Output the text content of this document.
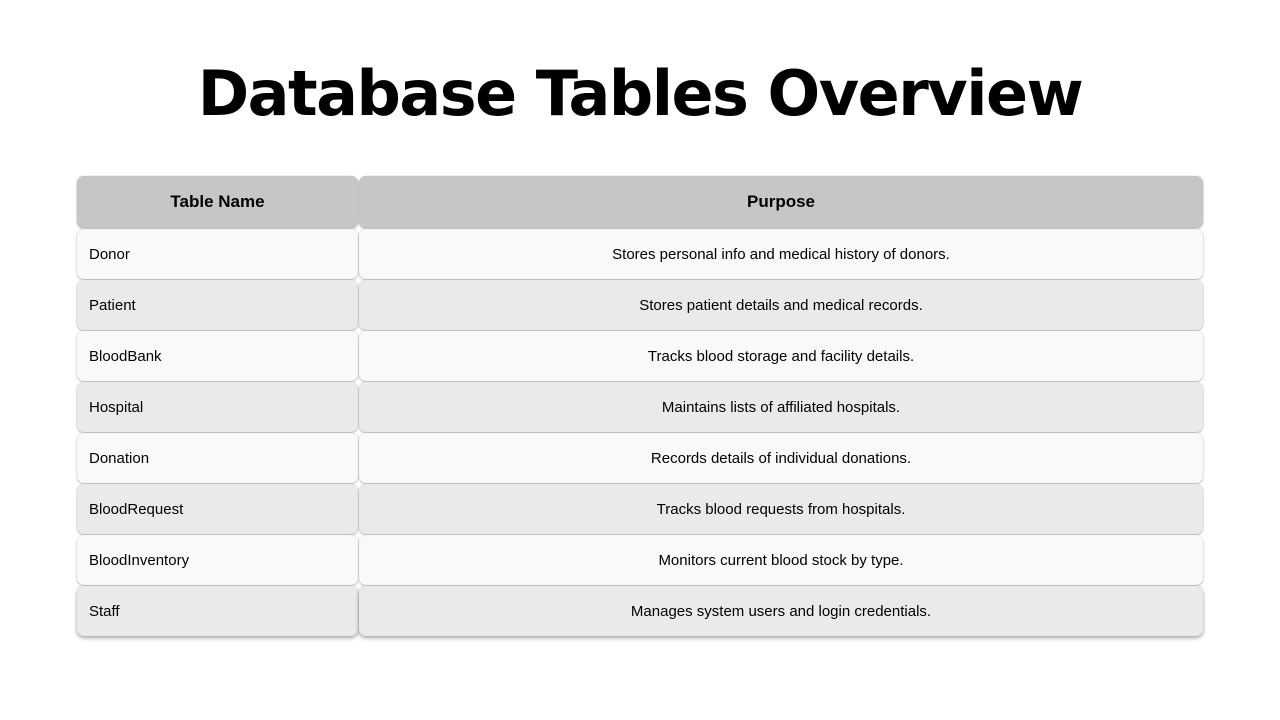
Database Tables Overview
Table Name	Purpose
Donor	Stores personal info and medical history of donors.
Patient	Stores patient details and medical records.
BloodBank	Tracks blood storage and facility details.
Hospital	Maintains lists of affiliated hospitals.
Donation	Records details of individual donations.
BloodRequest	Tracks blood requests from hospitals.
BloodInventory	Monitors current blood stock by type.
Staff	Manages system users and login credentials.
